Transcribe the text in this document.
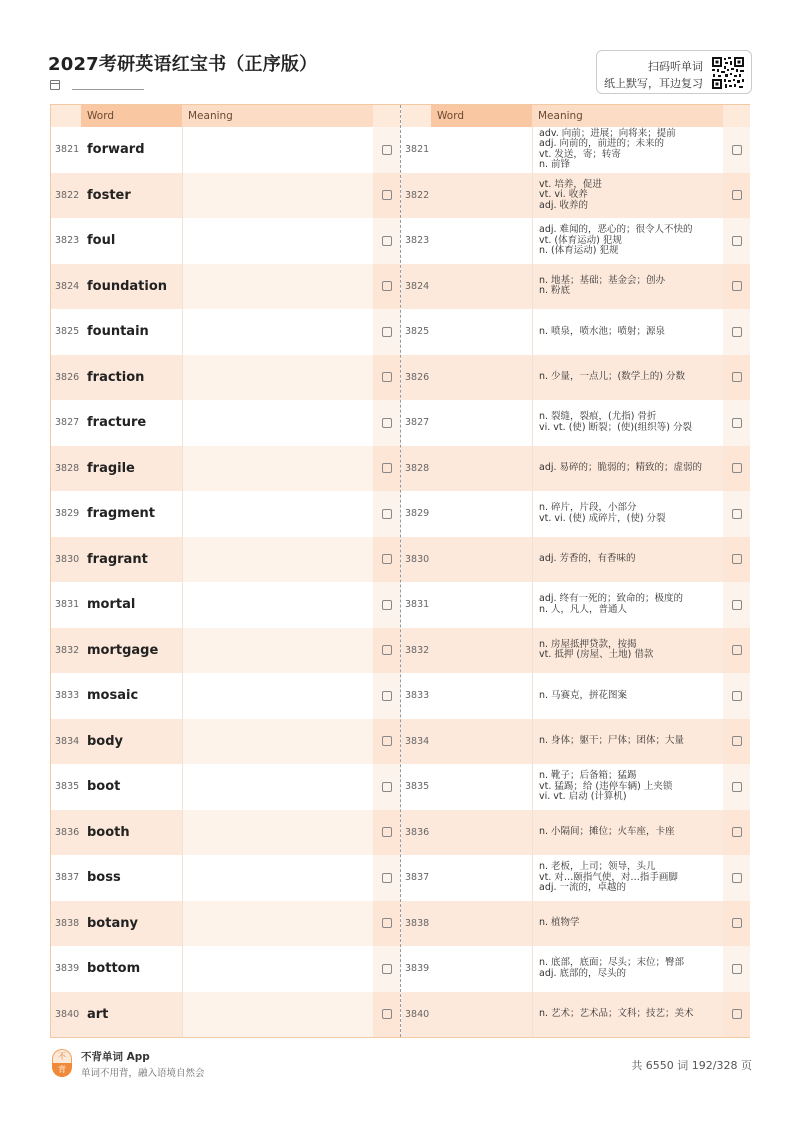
2027考研英语红宝书（正序版）	扫码听单词
纸上默写，耳边复习
Word	Meaning
3821 forward
3822 foster
3823 foul
3824 foundation
3825 fountain
3826 fraction
3827 fracture
3828 fragile
3829 fragment
3830 fragrant
3831 mortal
3832 mortgage
3833 mosaic
3834 body
3835 boot
3836 booth
3837 boss
3838 botany
3839 bottom
3840 art
Word	Meaning
3821
adv. 向前；进展；向将来；提前
adj. 向前的，前进的；未来的
vt. 发送，寄；转寄
n. 前锋
3822
vt. 培养，促进
vt. vi. 收养
adj. 收养的
3823
adj. 难闻的，恶心的；很令人不快的
vt. (体育运动) 犯规
n. (体育运动) 犯规
3824
n. 地基；基础；基金会；创办
n. 粉底
3825	n. 喷泉，喷水池；喷射；源泉
3826	n. 少量，一点儿；(数学上的) 分数
3827
n. 裂缝，裂痕，(尤指) 骨折
vi. vt. (使) 断裂；(使)(组织等) 分裂
3828	adj. 易碎的；脆弱的；精致的；虚弱的
3829
n. 碎片，片段，小部分
vt. vi. (使) 成碎片，(使) 分裂
3830	adj. 芳香的，有香味的
3831
adj. 终有一死的；致命的；极度的
n. 人，凡人，普通人
3832
n. 房屋抵押贷款，按揭
vt. 抵押 (房屋、土地) 借款
3833	n. 马赛克，拼花图案
3834	n. 身体；躯干；尸体；团体；大量
3835
n. 靴子；后备箱；猛踢
vt. 猛踢；给 (违停车辆) 上夹锁
vi. vt. 启动 (计算机)
3836	n. 小隔间；摊位；火车座，卡座
3837
n. 老板，上司；领导，头儿
vt. 对…颐指气使，对…指手画脚
adj. 一流的，卓越的
3838	n. 植物学
3839
n. 底部，底面；尽头；末位；臀部
adj. 底部的，尽头的
3840	n. 艺术；艺术品；文科；技艺；美术
不
背
不背单词 App
单词不用背，融入语境自然会
共 6550 词 192/328 页
